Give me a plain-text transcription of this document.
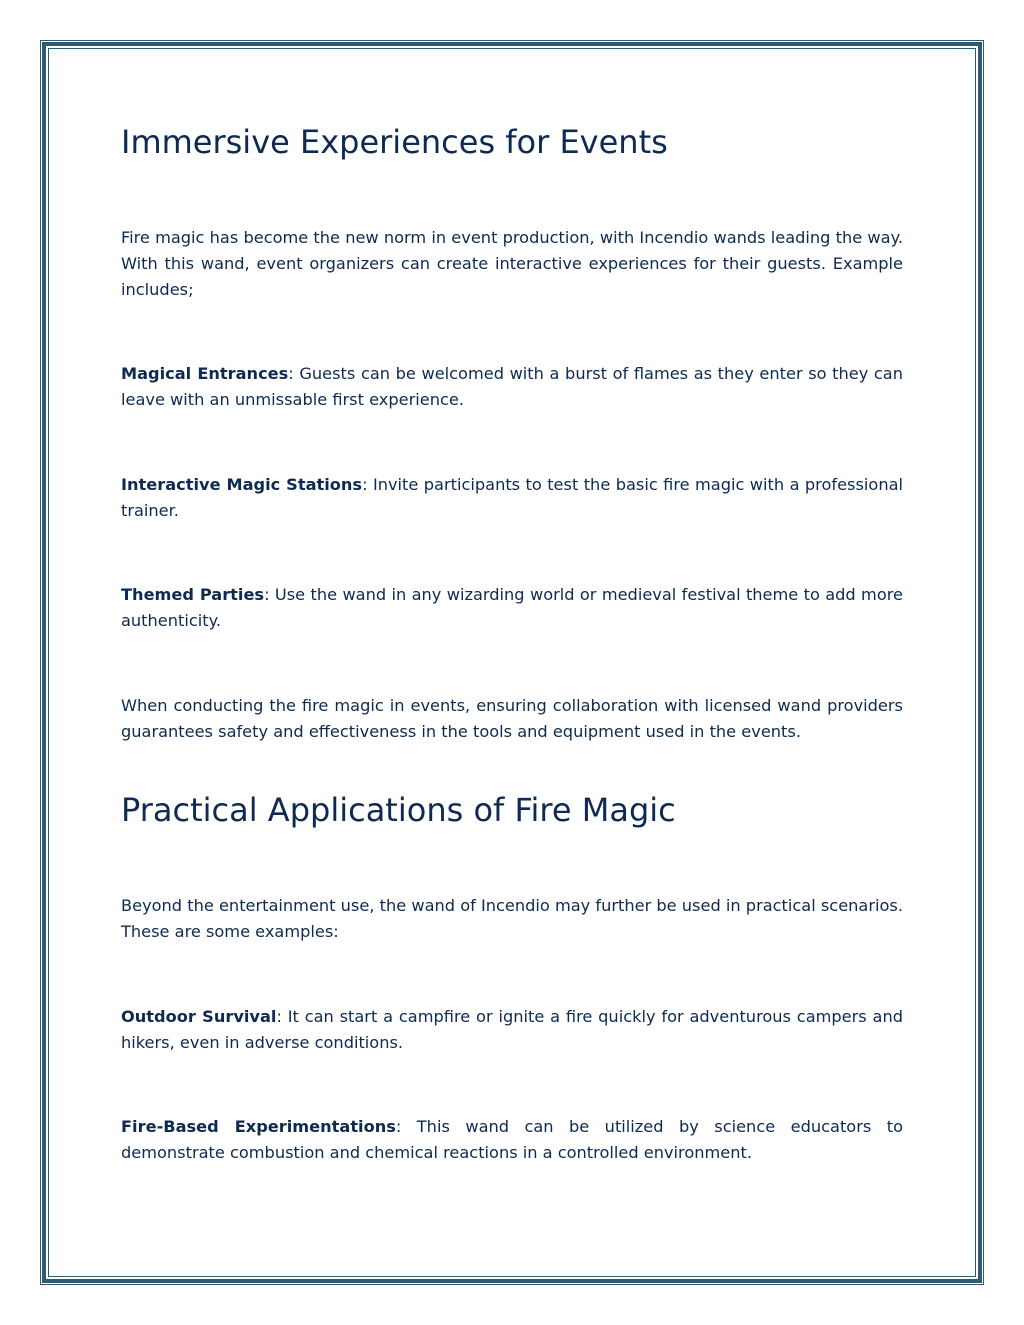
Immersive Experiences for Events

Fire magic has become the new norm in event production, with Incendio wands leading the way. With this wand, event organizers can create interactive experiences for their guests. Example includes;

Magical Entrances: Guests can be welcomed with a burst of flames as they enter so they can leave with an unmissable first experience.

Interactive Magic Stations: Invite participants to test the basic fire magic with a professional trainer.

Themed Parties: Use the wand in any wizarding world or medieval festival theme to add more authenticity.

When conducting the fire magic in events, ensuring collaboration with licensed wand providers guarantees safety and effectiveness in the tools and equipment used in the events.

Practical Applications of Fire Magic

Beyond the entertainment use, the wand of Incendio may further be used in practical scenarios. These are some examples:

Outdoor Survival: It can start a campfire or ignite a fire quickly for adventurous campers and hikers, even in adverse conditions.

Fire-Based Experimentations: This wand can be utilized by science educators to demonstrate combustion and chemical reactions in a controlled environment.
